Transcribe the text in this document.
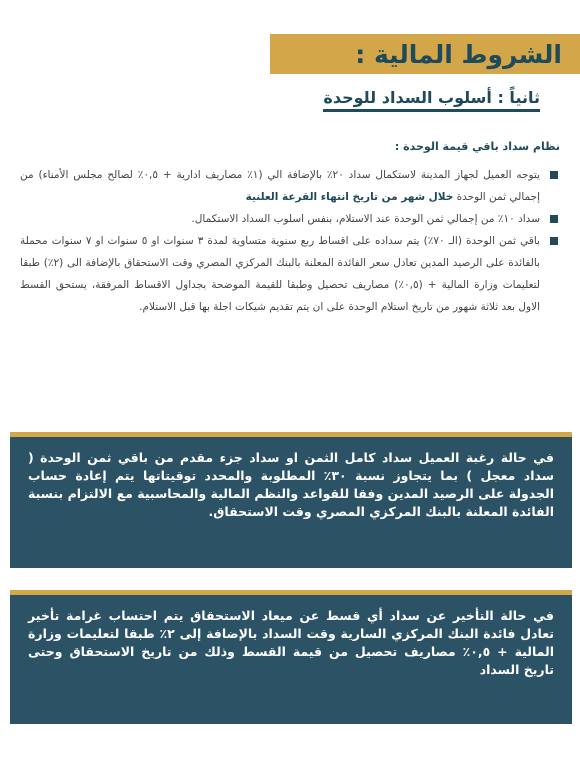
الشروط المالية :
ثانياً : أسلوب السداد للوحدة
نظام سداد باقي قيمة الوحدة :
يتوجه العميل لجهاز المدينة لاستكمال سداد ٢٠٪ بالإضافة الي (١٪ مصاريف ادارية + ٠,٥٪ لصالح مجلس الأمناء) من إجمالي ثمن الوحدة خلال شهر من تاريخ انتهاء القرعة العلنية
سداد ١٠٪ من إجمالي ثمن الوحدة عند الاستلام، بنفس اسلوب السداد الاستكمال.
باقي ثمن الوحدة (الـ ٧٠٪) يتم سداده على اقساط ربع سنوية متساوية لمدة ٣ سنوات او ٥ سنوات او ٧ سنوات محملة بالفائدة على الرصيد المدين تعادل سعر الفائدة المعلنة بالبنك المركزي المصري وقت الاستحقاق بالإضافة الى (٢٪) طبقا لتعليمات وزارة المالية + (٠,٥٪) مصاريف تحصيل وطبقا للقيمة الموضحة بجداول الاقساط المرفقة، يستحق القسط الاول بعد ثلاثة شهور من تاريخ استلام الوحدة على ان يتم تقديم شيكات اجلة بها قبل الاستلام.
في حالة رغبة العميل سداد كامل الثمن او سداد جزء مقدم من باقي ثمن الوحدة ( سداد معجل ) بما يتجاوز نسبة ٣٠٪ المطلوبة والمحدد توقيتاتها يتم إعادة حساب الجدولة على الرصيد المدين وفقا للقواعد والنظم المالية والمحاسبية مع الالتزام بنسبة الفائدة المعلنة بالبنك المركزي المصري وقت الاستحقاق.
في حالة التأخير عن سداد أي قسط عن ميعاد الاستحقاق يتم احتساب غرامة تأخير تعادل فائدة البنك المركزي السارية وقت السداد بالإضافة إلى ٢٪ طبقا لتعليمات وزارة المالية + ٠,٥٪ مصاريف تحصيل من قيمة القسط وذلك من تاريخ الاستحقاق وحتى تاريخ السداد
